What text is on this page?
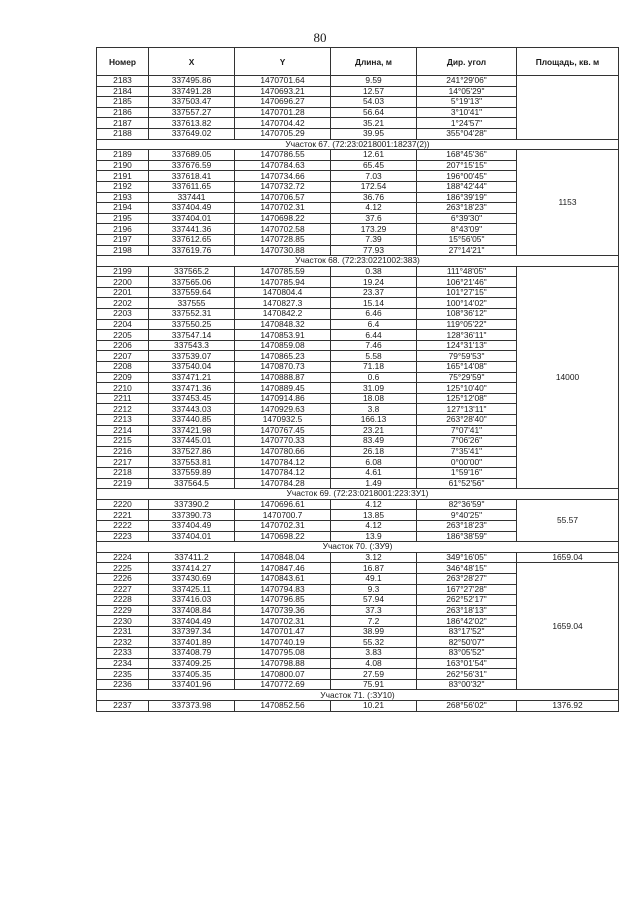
80
Номер	X	Y	Длина, м	Дир. угол	Площадь, кв. м
2183	337495.86	1470701.64	9.59	241°29'06"	
2184	337491.28	1470693.21	12.57	14°05'29"	
2185	337503.47	1470696.27	54.03	5°19'13"	
2186	337557.27	1470701.28	56.64	3°10'41"	
2187	337613.82	1470704.42	35.21	1°24'57"	
2188	337649.02	1470705.29	39.95	355°04'28"	
Участок 67. (72:23:0218001:18237(2))					
2189	337689.05	1470786.55	12.61	168°45'36"	1153
2190	337676.59	1470784.63	65.45	207°15'15"	
2191	337618.41	1470734.66	7.03	196°00'45"	
2192	337611.65	1470732.72	172.54	188°42'44"	
2193	337441	1470706.57	36.76	186°39'19"	
2194	337404.49	1470702.31	4.12	263°18'23"	
2195	337404.01	1470698.22	37.6	6°39'30"	
2196	337441.36	1470702.58	173.29	8°43'09"	
2197	337612.65	1470728.85	7.39	15°56'05"	
2198	337619.76	1470730.88	77.93	27°14'21"	
Участок 68. (72:23:0221002:383)					
2199	337565.2	1470785.59	0.38	111°48'05"	14000
2200	337565.06	1470785.94	19.24	106°21'46"	
2201	337559.64	1470804.4	23.37	101°27'15"	
2202	337555	1470827.3	15.14	100°14'02"	
2203	337552.31	1470842.2	6.46	108°36'12"	
2204	337550.25	1470848.32	6.4	119°05'22"	
2205	337547.14	1470853.91	6.44	128°36'11"	
2206	337543.3	1470859.08	7.46	124°31'13"	
2207	337539.07	1470865.23	5.58	79°59'53"	
2208	337540.04	1470870.73	71.18	165°14'08"	
2209	337471.21	1470888.87	0.6	75°29'59"	
2210	337471.36	1470889.45	31.09	125°10'40"	
2211	337453.45	1470914.86	18.08	125°12'08"	
2212	337443.03	1470929.63	3.8	127°13'11"	
2213	337440.85	1470932.5	166.13	263°28'40"	
2214	337421.98	1470767.45	23.21	7°07'41"	
2215	337445.01	1470770.33	83.49	7°06'26"	
2216	337527.86	1470780.66	26.18	7°35'41"	
2217	337553.81	1470784.12	6.08	0°00'00"	
2218	337559.89	1470784.12	4.61	1°59'16"	
2219	337564.5	1470784.28	1.49	61°52'56"	
Участок 69. (72:23:0218001:223:ЗУ1)					
2220	337390.2	1470696.61	4.12	82°36'59"	55.57
2221	337390.73	1470700.7	13.85	9°40'25"	
2222	337404.49	1470702.31	4.12	263°18'23"	
2223	337404.01	1470698.22	13.9	186°38'59"	
Участок 70. (:ЗУ9)					
2224	337411.2	1470848.04	3.12	349°16'05"	1659.04
2225	337414.27	1470847.46	16.87	346°48'15"	1659.04
2226	337430.69	1470843.61	49.1	263°28'27"	
2227	337425.11	1470794.83	9.3	167°27'28"	
2228	337416.03	1470796.85	57.94	262°52'17"	
2229	337408.84	1470739.36	37.3	263°18'13"	
2230	337404.49	1470702.31	7.2	186°42'02"	
2231	337397.34	1470701.47	38.99	83°17'52"	
2232	337401.89	1470740.19	55.32	82°50'07"	
2233	337408.79	1470795.08	3.83	83°05'52"	
2234	337409.25	1470798.88	4.08	163°01'54"	
2235	337405.35	1470800.07	27.59	262°56'31"	
2236	337401.96	1470772.69	75.91	83°00'32"	
Участок 71. (:ЗУ10)					
2237	337373.98	1470852.56	10.21	268°56'02"	1376.92
